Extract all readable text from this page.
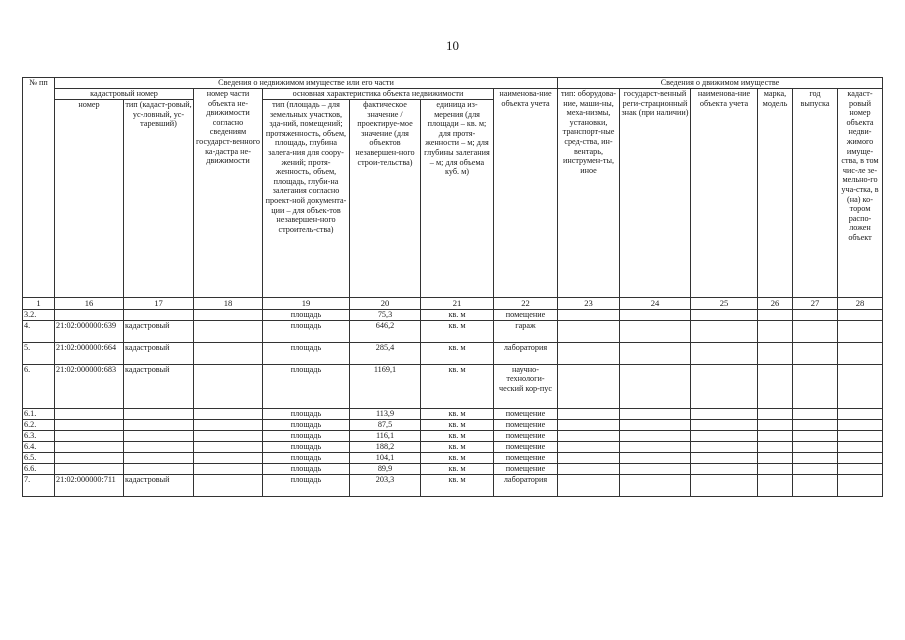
10
№ пп	Сведения о недвижимом имуществе или его части							Сведения о движимом имуществе					
	кадастровый номер		номер части объекта не-движимости согласно сведениям государст-венного ка-дастра не-движимости	основная характеристика объекта недвижимости			наименова-ние объекта учета	тип: оборудова-ние, маши-ны, меха-низмы, установки, транспорт-ные сред-ства, ин-вентарь, инструмен-ты, иное	государст-венный реги-страционный знак (при наличии)	наименова-ние объекта учета	марка, модель	год выпуска	кадаст-ровый номер объекта недви-жимого имуще-ства, в том чис-ле зе-мельно-го уча-стка, в (на) ко-тором распо-ложен объект
	номер	тип (кадаст-ровый, ус-ловный, ус-таревший)		тип (площадь – для земельных участков, зда-ний, помещений; протяженность, объем, площадь, глубина залега-ния для соору-жений; протя-женность, объем, площадь, глуби-на залегания согласно проект-ной документа-ции – для объек-тов незавершен-ного строитель-ства)	фактическое значение / проектируе-мое значение (для объектов незавершен-ного строи-тельства)	единица из-мерения (для площади – кв. м; для протя-женности – м; для глубины залегания – м; для объема куб. м)							
1	16	17	18	19	20	21	22	23	24	25	26	27	28
3.2.				площадь	75,3	кв. м	помещение						
4.	21:02:000000:639	кадастровый		площадь	646,2	кв. м	гараж						
5.	21:02:000000:664	кадастровый		площадь	285,4	кв. м	лаборатория						
6.	21:02:000000:683	кадастровый		площадь	1169,1	кв. м	научно-технологи-ческий кор-пус						
6.1.				площадь	113,9	кв. м	помещение						
6.2.				площадь	87,5	кв. м	помещение						
6.3.				площадь	116,1	кв. м	помещение						
6.4.				площадь	188,2	кв. м	помещение						
6.5.				площадь	104,1	кв. м	помещение						
6.6.				площадь	89,9	кв. м	помещение						
7.	21:02:000000:711	кадастровый		площадь	203,3	кв. м	лаборатория						
